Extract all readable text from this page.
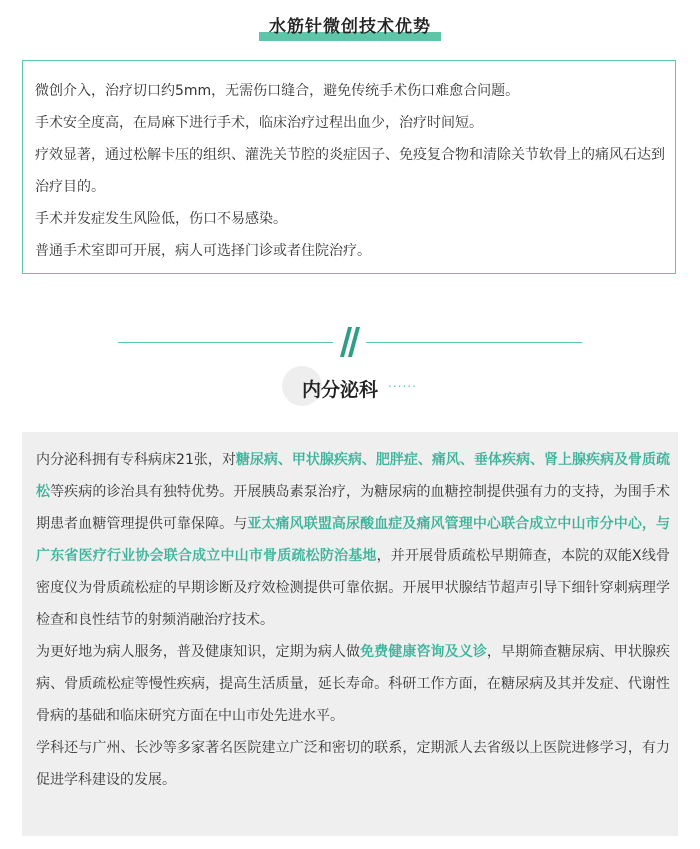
水筋针微创技术优势

微创介入，治疗切口约5mm，无需伤口缝合，避免传统手术伤口难愈合问题。

手术安全度高，在局麻下进行手术，临床治疗过程出血少，治疗时间短。

疗效显著，通过松解卡压的组织、灌洗关节腔的炎症因子、免疫复合物和清除关节软骨上的痛风石达到治疗目的。

手术并发症发生风险低，伤口不易感染。

普通手术室即可开展，病人可选择门诊或者住院治疗。

内分泌科 ......

内分泌科拥有专科病床21张，对糖尿病、甲状腺疾病、肥胖症、痛风、垂体疾病、肾上腺疾病及骨质疏松等疾病的诊治具有独特优势。开展胰岛素泵治疗，为糖尿病的血糖控制提供强有力的支持，为围手术期患者血糖管理提供可靠保障。与亚太痛风联盟高尿酸血症及痛风管理中心联合成立中山市分中心，与广东省医疗行业协会联合成立中山市骨质疏松防治基地，并开展骨质疏松早期筛查，本院的双能X线骨密度仪为骨质疏松症的早期诊断及疗效检测提供可靠依据。开展甲状腺结节超声引导下细针穿刺病理学检查和良性结节的射频消融治疗技术。

为更好地为病人服务，普及健康知识，定期为病人做免费健康咨询及义诊，早期筛查糖尿病、甲状腺疾病、骨质疏松症等慢性疾病，提高生活质量，延长寿命。科研工作方面，在糖尿病及其并发症、代谢性骨病的基础和临床研究方面在中山市处先进水平。

学科还与广州、长沙等多家著名医院建立广泛和密切的联系，定期派人去省级以上医院进修学习，有力促进学科建设的发展。
